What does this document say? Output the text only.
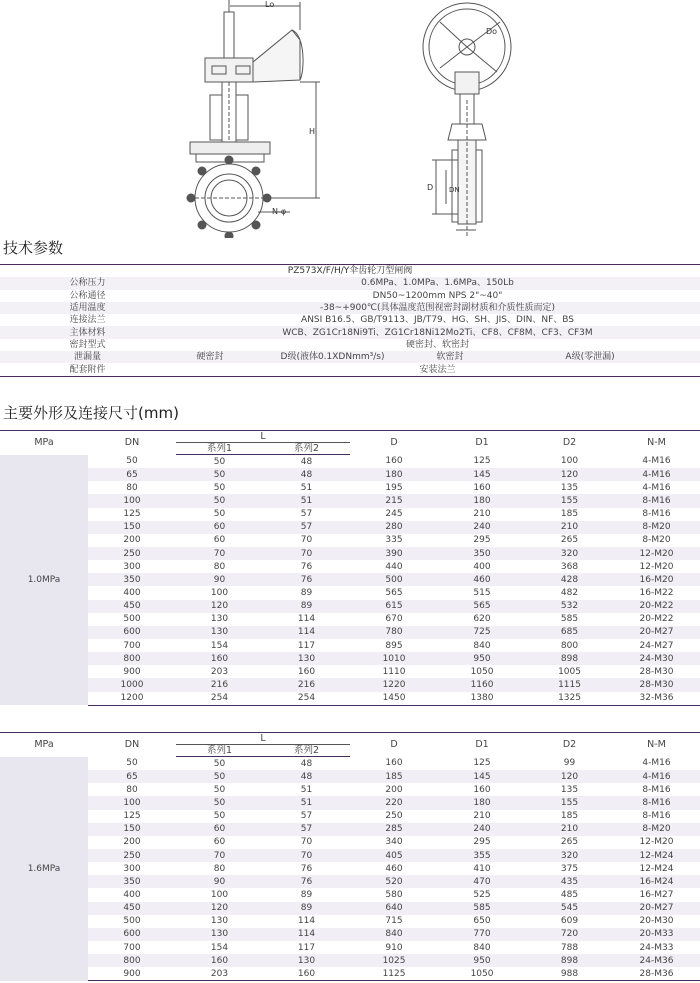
Lo
H
N-φ
Do
D DN
技术参数
PZ573X/F/H/Y伞齿轮刀型闸阀				
公称压力	0.6MPa、1.0MPa、1.6MPa、150Lb			
公称通径	DN50~1200mm NPS 2"~40"			
适用温度	-38~+900℃(具体温度范围视密封副材质和介质性质而定)			
连接法兰	ANSI B16.5、GB/T9113、JB/T79、HG、SH、JIS、DIN、NF、BS			
主体材料	WCB、ZG1Cr18Ni9Ti、ZG1Cr18Ni12Mo2Ti、CF8、CF8M、CF3、CF3M			
密封型式	硬密封、软密封			
泄漏量	硬密封	D级(液体0.1XDNmm³/s)	软密封	A级(零泄漏)
配套附件	安装法兰			
主要外形及连接尺寸(mm)
MPa	DN	L		D	D1	D2	N-M
		系列1	系列2				
1.0MPa	50	50	48	160	125	100	4-M16
	65	50	48	180	145	120	4-M16
	80	50	51	195	160	135	4-M16
	100	50	51	215	180	155	8-M16
	125	50	57	245	210	185	8-M16
	150	60	57	280	240	210	8-M20
	200	60	70	335	295	265	8-M20
	250	70	70	390	350	320	12-M20
	300	80	76	440	400	368	12-M20
	350	90	76	500	460	428	16-M20
	400	100	89	565	515	482	16-M22
	450	120	89	615	565	532	20-M22
	500	130	114	670	620	585	20-M22
	600	130	114	780	725	685	20-M27
	700	154	117	895	840	800	24-M27
	800	160	130	1010	950	898	24-M30
	900	203	160	1110	1050	1005	28-M30
	1000	216	216	1220	1160	1115	28-M30
	1200	254	254	1450	1380	1325	32-M36
MPa	DN	L		D	D1	D2	N-M
		系列1	系列2				
1.6MPa	50	50	48	160	125	99	4-M16
	65	50	48	185	145	120	4-M16
	80	50	51	200	160	135	8-M16
	100	50	51	220	180	155	8-M16
	125	50	57	250	210	185	8-M16
	150	60	57	285	240	210	8-M20
	200	60	70	340	295	265	12-M20
	250	70	70	405	355	320	12-M24
	300	80	76	460	410	375	12-M24
	350	90	76	520	470	435	16-M24
	400	100	89	580	525	485	16-M27
	450	120	89	640	585	545	20-M27
	500	130	114	715	650	609	20-M30
	600	130	114	840	770	720	20-M33
	700	154	117	910	840	788	24-M33
	800	160	130	1025	950	898	24-M36
	900	203	160	1125	1050	988	28-M36
